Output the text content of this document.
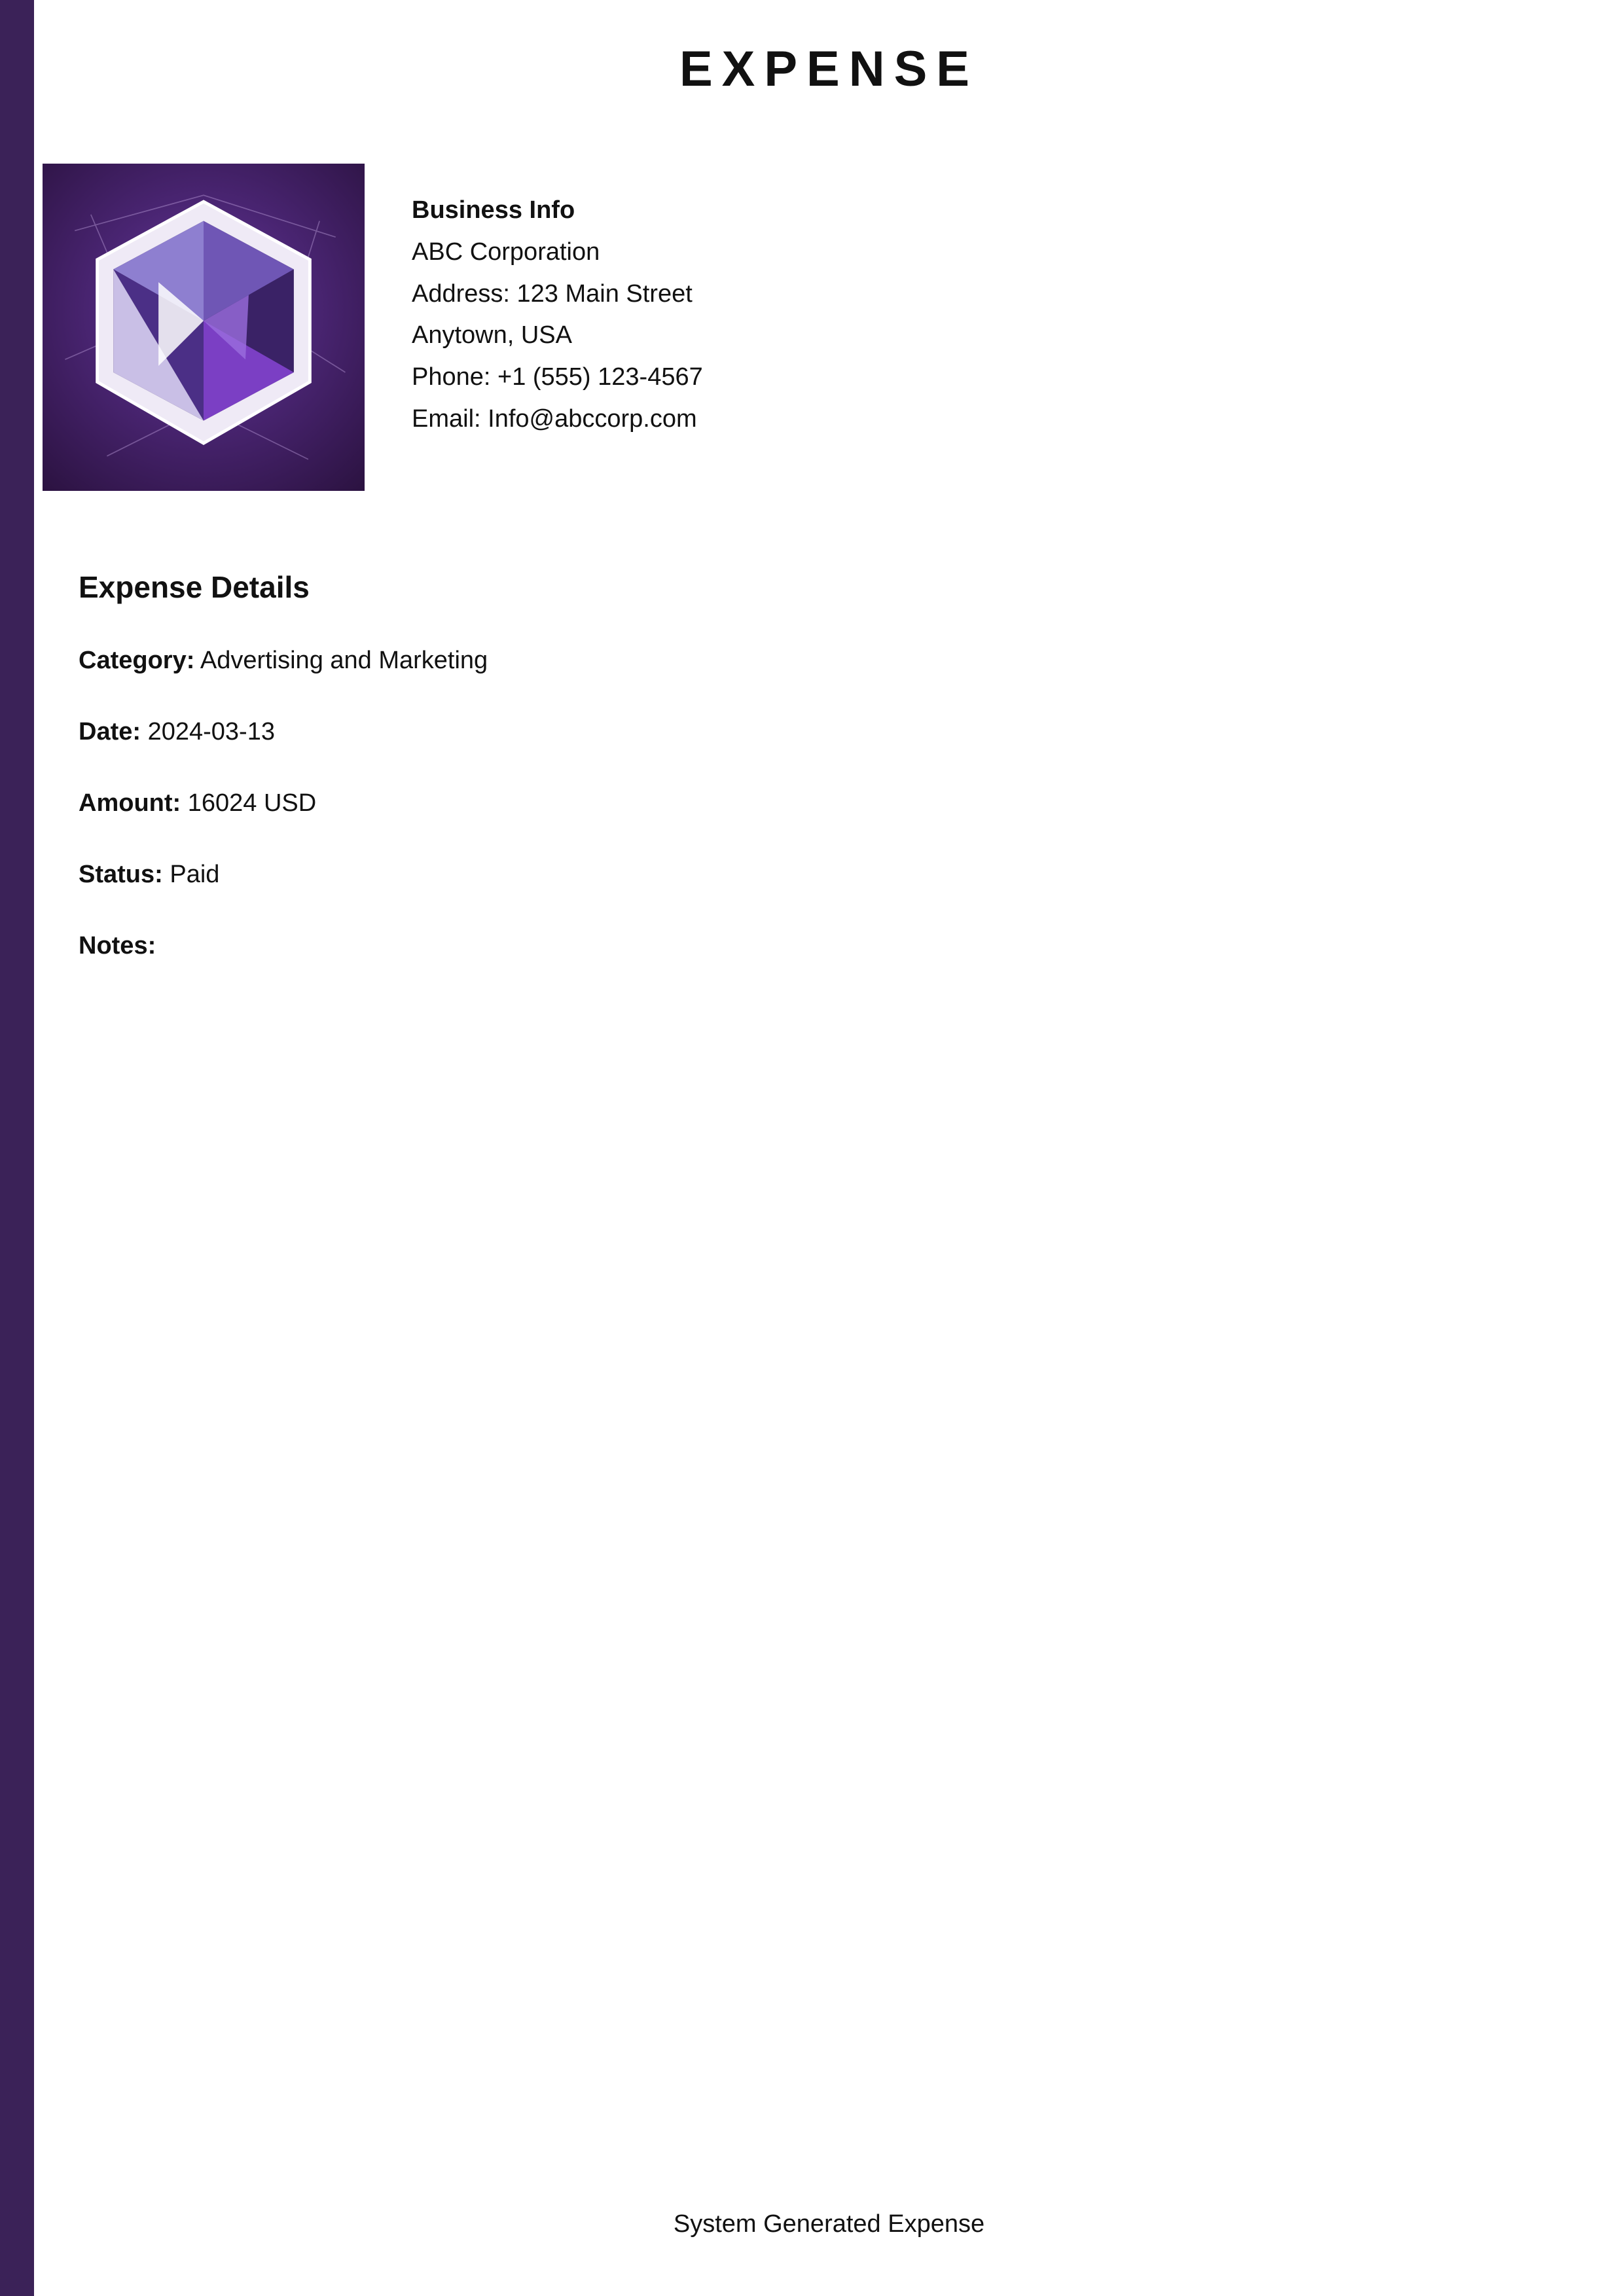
EXPENSE
Business Info
ABC Corporation
Address: 123 Main Street
Anytown, USA
Phone: +1 (555) 123-4567
Email: Info@abccorp.com
Expense Details
Category: Advertising and Marketing
Date: 2024-03-13
Amount: 16024 USD
Status: Paid
Notes:
System Generated Expense
